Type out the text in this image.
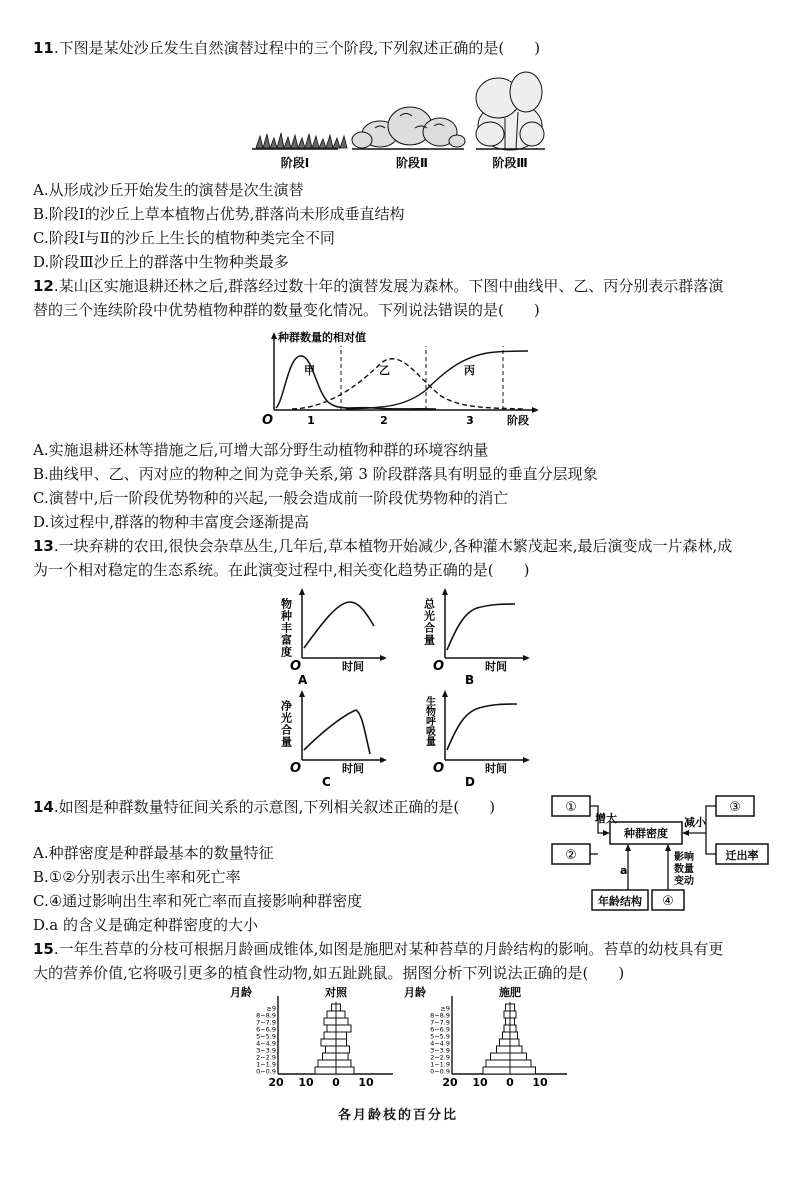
11.下图是某处沙丘发生自然演替过程中的三个阶段,下列叙述正确的是(　　)
阶段Ⅰ	阶段Ⅱ	阶段Ⅲ
A.从形成沙丘开始发生的演替是次生演替
B.阶段Ⅰ的沙丘上草本植物占优势,群落尚未形成垂直结构
C.阶段Ⅰ与Ⅱ的沙丘上生长的植物种类完全不同
D.阶段Ⅲ沙丘上的群落中生物种类最多
12.某山区实施退耕还林之后,群落经过数十年的演替发展为森林。下图中曲线甲、乙、丙分别表示群落演
替的三个连续阶段中优势植物种群的数量变化情况。下列说法错误的是(　　)
种群数量的相对值
O	1	2	3	阶段
甲	乙	丙
A.实施退耕还林等措施之后,可增大部分野生动植物种群的环境容纳量
B.曲线甲、乙、丙对应的物种之间为竞争关系,第 3 阶段群落具有明显的垂直分层现象
C.演替中,后一阶段优势物种的兴起,一般会造成前一阶段优势物种的消亡
D.该过程中,群落的物种丰富度会逐渐提高
13.一块弃耕的农田,很快会杂草丛生,几年后,草本植物开始减少,各种灌木繁茂起来,最后演变成一片森林,成
为一个相对稳定的生态系统。在此演变过程中,相关变化趋势正确的是(　　)
O	时间
A
物种丰富度
O	时间
B
总光合量
O	时间
C
净光合量
O	时间
D
生物呼吸量
14.如图是种群数量特征间关系的示意图,下列相关叙述正确的是(　　)
A.种群密度是种群最基本的数量特征
B.①②分别表示出生率和死亡率
C.④通过影响出生率和死亡率而直接影响种群密度
D.a 的含义是确定种群密度的大小
①
②
③
④
种群密度
迁出率
年龄结构
增大	减小
a
影响
数量
变动
15.一年生苔草的分枝可根据月龄画成锥体,如图是施肥对某种苔草的月龄结构的影响。苔草的幼枝具有更
大的营养价值,它将吸引更多的植食性动物,如五趾跳鼠。据图分析下列说法正确的是(　　)
对照
月龄
0~0.9
1~1.9
2~2.9
3~3.9
4~4.9
5~5.9
6~6.9
7~7.9
8~8.9
≥9
20 10 0 10
施肥
月龄
0~0.9
1~1.9
2~2.9
3~3.9
4~4.9
5~5.9
6~6.9
7~7.9
8~8.9
≥9
20 10 0 10
各月龄枝的百分比
